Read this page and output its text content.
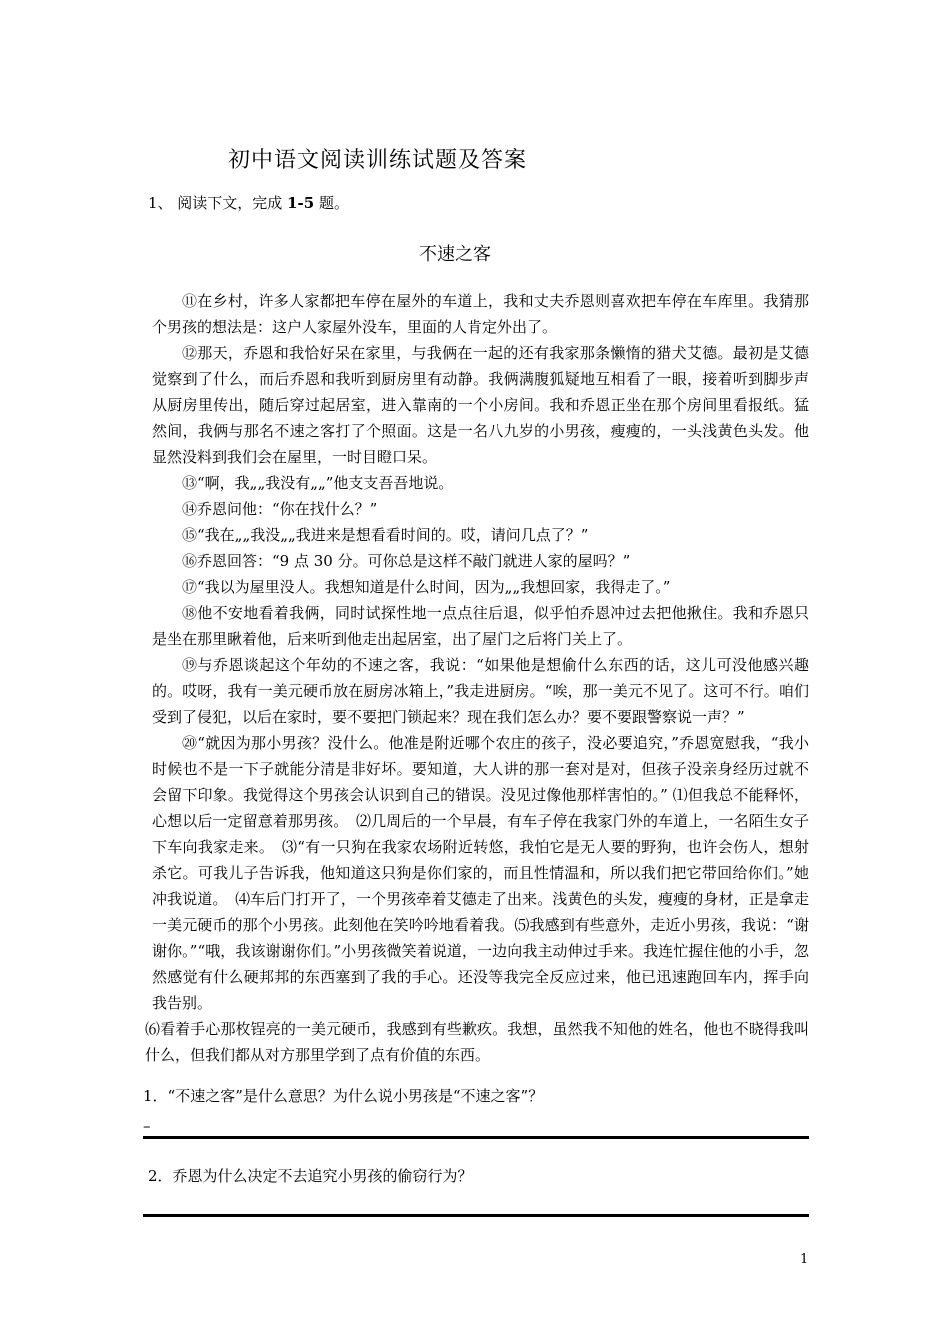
初中语文阅读训练试题及答案
1、 阅读下文，完成 1-5 题。
不速之客

⑪在乡村，许多人家都把车停在屋外的车道上，我和丈夫乔恩则喜欢把车停在车库里。我猜那个男孩的想法是：这户人家屋外没车，里面的人肯定外出了。

⑫那天，乔恩和我恰好呆在家里，与我俩在一起的还有我家那条懒惰的猎犬艾德。最初是艾德觉察到了什么，而后乔恩和我听到厨房里有动静。我俩满腹狐疑地互相看了一眼，接着听到脚步声从厨房里传出，随后穿过起居室，进入靠南的一个小房间。我和乔恩正坐在那个房间里看报纸。猛然间，我俩与那名不速之客打了个照面。这是一名八九岁的小男孩，瘦瘦的，一头浅黄色头发。他显然没料到我们会在屋里，一时目瞪口呆。

⑬“啊，我„„我没有„„”他支支吾吾地说。

⑭乔恩问他：“你在找什么？”

⑮“我在„„我没„„我进来是想看看时间的。哎，请问几点了？”

⑯乔恩回答：“9 点 30 分。可你总是这样不敲门就进人家的屋吗？”

⑰“我以为屋里没人。我想知道是什么时间，因为„„我想回家，我得走了。”

⑱他不安地看着我俩，同时试探性地一点点往后退，似乎怕乔恩冲过去把他揪住。我和乔恩只是坐在那里瞅着他，后来听到他走出起居室，出了屋门之后将门关上了。

⑲与乔恩谈起这个年幼的不速之客，我说：“如果他是想偷什么东西的话，这儿可没他感兴趣的。哎呀，我有一美元硬币放在厨房冰箱上，”我走进厨房。“唉，那一美元不见了。这可不行。咱们受到了侵犯，以后在家时，要不要把门锁起来？现在我们怎么办？要不要跟警察说一声？”

⑳“就因为那小男孩？没什么。他准是附近哪个农庄的孩子，没必要追究，”乔恩宽慰我，“我小时候也不是一下子就能分清是非好坏。要知道，大人讲的那一套对是对，但孩子没亲身经历过就不会留下印象。我觉得这个男孩会认识到自己的错误。没见过像他那样害怕的。” ⑴但我总不能释怀，心想以后一定留意着那男孩。　⑵几周后的一个早晨，有车子停在我家门外的车道上，一名陌生女子下车向我家走来。　⑶“有一只狗在我家农场附近转悠，我怕它是无人要的野狗，也许会伤人，想射杀它。可我儿子告诉我，他知道这只狗是你们家的，而且性情温和，所以我们把它带回给你们。”她冲我说道。　⑷车后门打开了，一个男孩牵着艾德走了出来。浅黄色的头发，瘦瘦的身材，正是拿走一美元硬币的那个小男孩。此刻他在笑吟吟地看着我。⑸我感到有些意外，走近小男孩，我说：“谢谢你。”“哦，我该谢谢你们。”小男孩微笑着说道，一边向我主动伸过手来。我连忙握住他的小手，忽然感觉有什么硬邦邦的东西塞到了我的手心。还没等我完全反应过来，他已迅速跑回车内，挥手向我告别。

⑹看着手心那枚锃亮的一美元硬币，我感到有些歉疚。我想，虽然我不知他的姓名，他也不晓得我叫什么，但我们都从对方那里学到了点有价值的东西。

1．“不速之客”是什么意思？为什么说小男孩是“不速之客”？
–
2．乔恩为什么决定不去追究小男孩的偷窃行为？
1
